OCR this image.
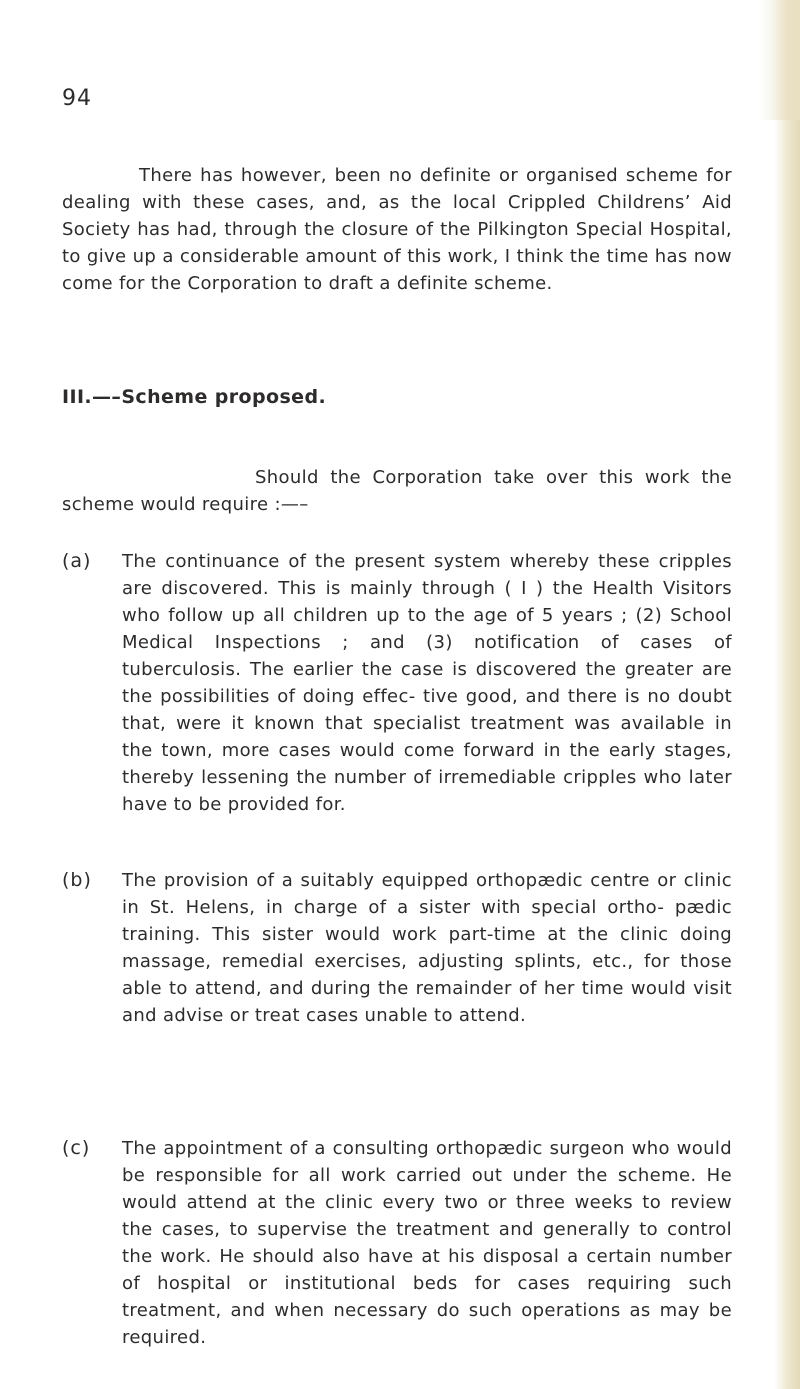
94

There has however, been no definite or organised scheme for dealing with these cases, and, as the local Crippled Childrens’ Aid Society has had, through the closure of the Pilkington Special Hospital, to give up a considerable amount of this work, I think the time has now come for the Corporation to draft a definite scheme.

III.—–Scheme proposed.

Should the Corporation take over this work the scheme would require :—–

(a)	The continuance of the present system whereby these cripples are discovered. This is mainly through ( I ) the Health Visitors who follow up all children up to the age of 5 years ; (2) School Medical Inspections ; and (3) notification of cases of tuberculosis. The earlier the case is discovered the greater are the possibilities of doing effec- tive good, and there is no doubt that, were it known that specialist treatment was available in the town, more cases would come forward in the early stages, thereby lessening the number of irremediable cripples who later have to be provided for.

(b)	The provision of a suitably equipped orthopædic centre or clinic in St. Helens, in charge of a sister with special ortho- pædic training. This sister would work part-time at the clinic doing massage, remedial exercises, adjusting splints, etc., for those able to attend, and during the remainder of her time would visit and advise or treat cases unable to attend.

(c)	The appointment of a consulting orthopædic surgeon who would be responsible for all work carried out under the scheme. He would attend at the clinic every two or three weeks to review the cases, to supervise the treatment and generally to control the work. He should also have at his disposal a certain number of hospital or institutional beds for cases requiring such treatment, and when necessary do such operations as may be required.
